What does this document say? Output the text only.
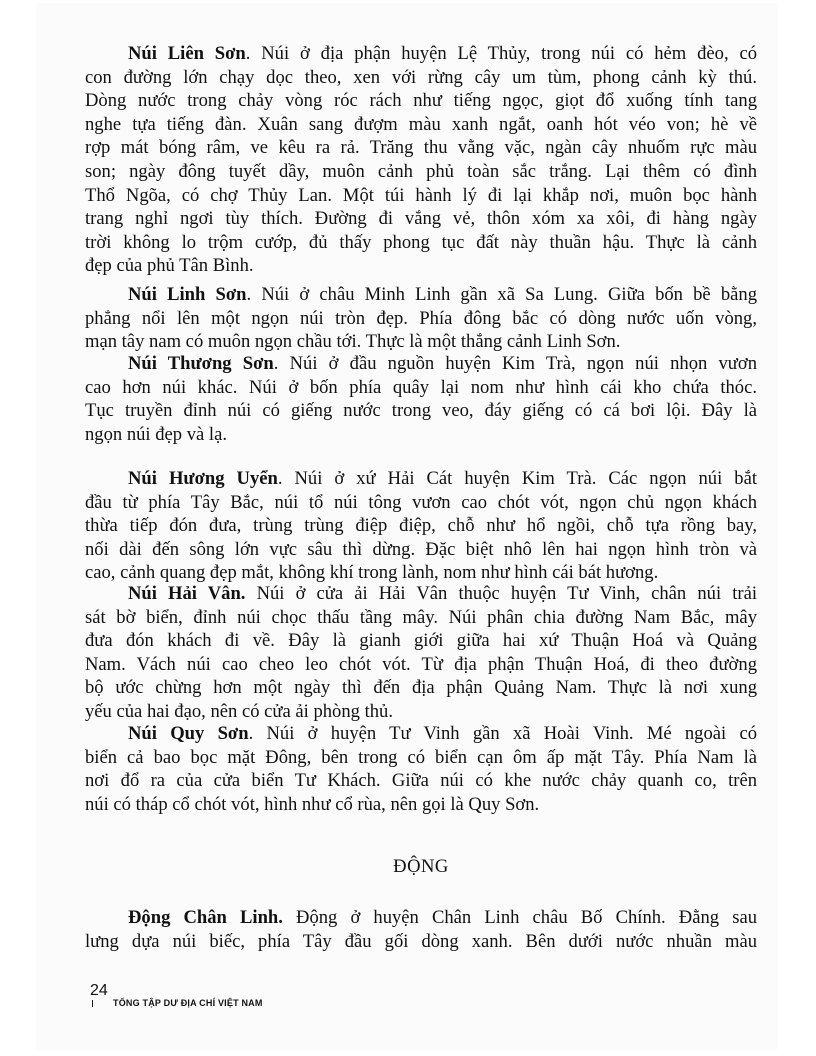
Núi Liên Sơn. Núi ở địa phận huyện Lệ Thủy, trong núi có hẻm đèo, có
con đường lớn chạy dọc theo, xen với rừng cây um tùm, phong cảnh kỳ thú.
Dòng nước trong chảy vòng róc rách như tiếng ngọc, giọt đổ xuống tính tang
nghe tựa tiếng đàn. Xuân sang đượm màu xanh ngắt, oanh hót véo von; hè về
rợp mát bóng râm, ve kêu ra rả. Trăng thu vằng vặc, ngàn cây nhuốm rực màu
son; ngày đông tuyết dầy, muôn cảnh phủ toàn sắc trắng. Lại thêm có đình
Thổ Ngõa, có chợ Thủy Lan. Một túi hành lý đi lại khắp nơi, muôn bọc hành
trang nghỉ ngơi tùy thích. Đường đi vắng vẻ, thôn xóm xa xôi, đi hàng ngày
trời không lo trộm cướp, đủ thấy phong tục đất này thuần hậu. Thực là cảnh
đẹp của phủ Tân Bình.
Núi Linh Sơn. Núi ở châu Minh Linh gần xã Sa Lung. Giữa bốn bề bằng
phẳng nổi lên một ngọn núi tròn đẹp. Phía đông bắc có dòng nước uốn vòng,
mạn tây nam có muôn ngọn chầu tới. Thực là một thắng cảnh Linh Sơn.
Núi Thương Sơn. Núi ở đầu nguồn huyện Kim Trà, ngọn núi nhọn vươn
cao hơn núi khác. Núi ở bốn phía quây lại nom như hình cái kho chứa thóc.
Tục truyền đỉnh núi có giếng nước trong veo, đáy giếng có cá bơi lội. Đây là
ngọn núi đẹp và lạ.
Núi Hương Uyển. Núi ở xứ Hải Cát huyện Kim Trà. Các ngọn núi bắt
đầu từ phía Tây Bắc, núi tổ núi tông vươn cao chót vót, ngọn chủ ngọn khách
thừa tiếp đón đưa, trùng trùng điệp điệp, chỗ như hổ ngồi, chỗ tựa rồng bay,
nối dài đến sông lớn vực sâu thì dừng. Đặc biệt nhô lên hai ngọn hình tròn và
cao, cảnh quang đẹp mắt, không khí trong lành, nom như hình cái bát hương.
Núi Hải Vân. Núi ở cửa ải Hải Vân thuộc huyện Tư Vinh, chân núi trải
sát bờ biển, đỉnh núi chọc thấu tầng mây. Núi phân chia đường Nam Bắc, mây
đưa đón khách đi về. Đây là gianh giới giữa hai xứ Thuận Hoá và Quảng
Nam. Vách núi cao cheo leo chót vót. Từ địa phận Thuận Hoá, đi theo đường
bộ ước chừng hơn một ngày thì đến địa phận Quảng Nam. Thực là nơi xung
yếu của hai đạo, nên có cửa ải phòng thủ.
Núi Quy Sơn. Núi ở huyện Tư Vinh gần xã Hoài Vinh. Mé ngoài có
biển cả bao bọc mặt Đông, bên trong có biển cạn ôm ấp mặt Tây. Phía Nam là
nơi đổ ra của cửa biển Tư Khách. Giữa núi có khe nước chảy quanh co, trên
núi có tháp cổ chót vót, hình như cổ rùa, nên gọi là Quy Sơn.
ĐỘNG
Động Chân Linh. Động ở huyện Chân Linh châu Bố Chính. Đằng sau
lưng dựa núi biếc, phía Tây đầu gối dòng xanh. Bên dưới nước nhuần màu
24
TỔNG TẬP DƯ ĐỊA CHÍ VIỆT NAM
